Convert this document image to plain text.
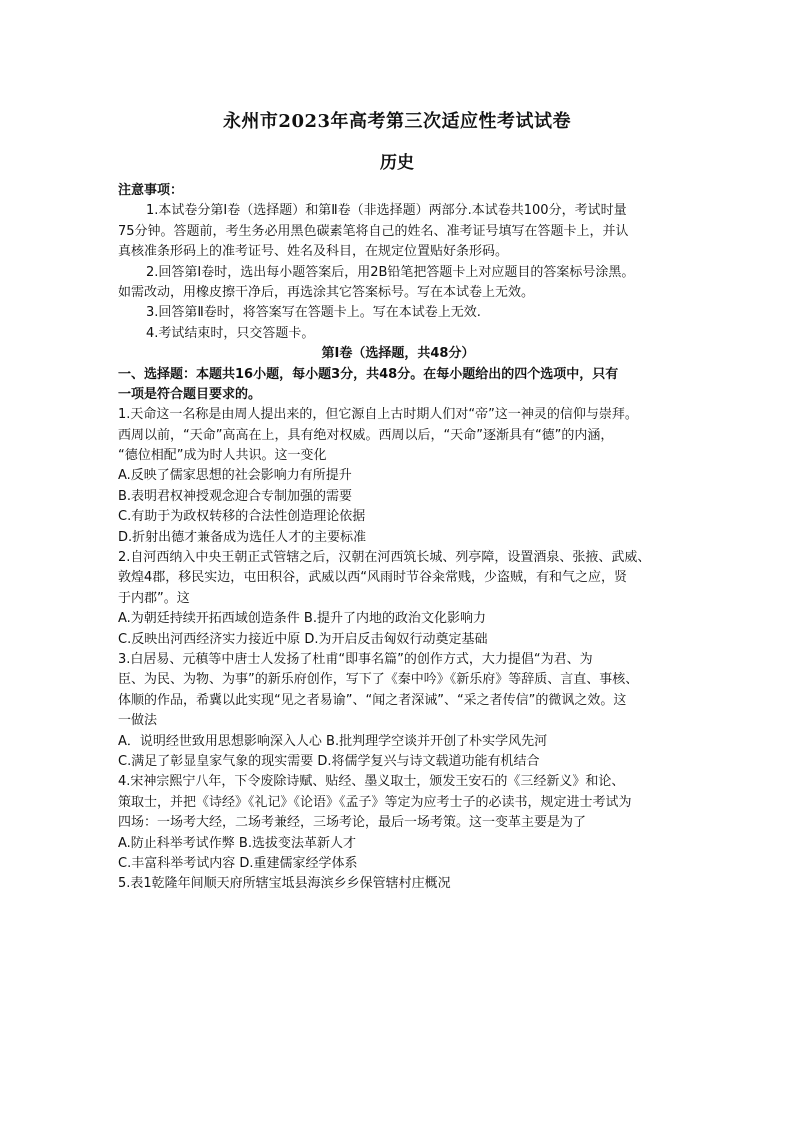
永州市2023年高考第三次适应性考试试卷
历史
注意事项：
1.本试卷分第Ⅰ卷（选择题）和第Ⅱ卷（非选择题）两部分.本试卷共100分，考试时量
75分钟。答题前，考生务必用黑色碳素笔将自己的姓名、准考证号填写在答题卡上，并认
真核准条形码上的准考证号、姓名及科目，在规定位置贴好条形码。
2.回答第Ⅰ卷时，选出每小题答案后，用2B铅笔把答题卡上对应题目的答案标号涂黑。
如需改动，用橡皮擦干净后，再选涂其它答案标号。写在本试卷上无效。
3.回答第Ⅱ卷时，将答案写在答题卡上。写在本试卷上无效.
4.考试结束时，只交答题卡。
第Ⅰ卷（选择题，共48分）
一、选择题：本题共16小题，每小题3分，共48分。在每小题给出的四个选项中，只有
一项是符合题目要求的。
1.天命这一名称是由周人提出来的，但它源自上古时期人们对“帝”这一神灵的信仰与崇拜。
西周以前，“天命”高高在上，具有绝对权威。西周以后，“天命”逐渐具有“德”的内涵，
“德位相配”成为时人共识。这一变化
A.反映了儒家思想的社会影响力有所提升
B.表明君权神授观念迎合专制加强的需要
C.有助于为政权转移的合法性创造理论依据
D.折射出德才兼备成为选任人才的主要标准
2.自河西纳入中央王朝正式管辖之后，汉朝在河西筑长城、列亭障，设置酒泉、张掖、武威、
敦煌4郡，移民实边，屯田积谷，武威以西“风雨时节谷籴常贱，少盗贼，有和气之应，贤
于内郡”。这
A.为朝廷持续开拓西域创造条件 B.提升了内地的政治文化影响力
C.反映出河西经济实力接近中原 D.为开启反击匈奴行动奠定基础
3.白居易、元稹等中唐士人发扬了杜甫“即事名篇”的创作方式，大力提倡“为君、为
臣、为民、为物、为事”的新乐府创作，写下了《秦中吟》《新乐府》等辞质、言直、事核、
体顺的作品，希冀以此实现“见之者易谕”、“闻之者深诫”、“采之者传信”的微讽之效。这
一做法
A．说明经世致用思想影响深入人心 B.批判理学空谈并开创了朴实学风先河
C.满足了彰显皇家气象的现实需要 D.将儒学复兴与诗文载道功能有机结合
4.宋神宗熙宁八年，下令废除诗赋、贴经、墨义取士，颁发王安石的《三经新义》和论、
策取士，并把《诗经》《礼记》《论语》《孟子》等定为应考士子的必读书，规定进士考试为
四场：一场考大经，二场考兼经，三场考论，最后一场考策。这一变革主要是为了
A.防止科举考试作弊 B.选拔变法革新人才
C.丰富科举考试内容 D.重建儒家经学体系
5.表1乾隆年间顺天府所辖宝坻县海滨乡乡保管辖村庄概况
